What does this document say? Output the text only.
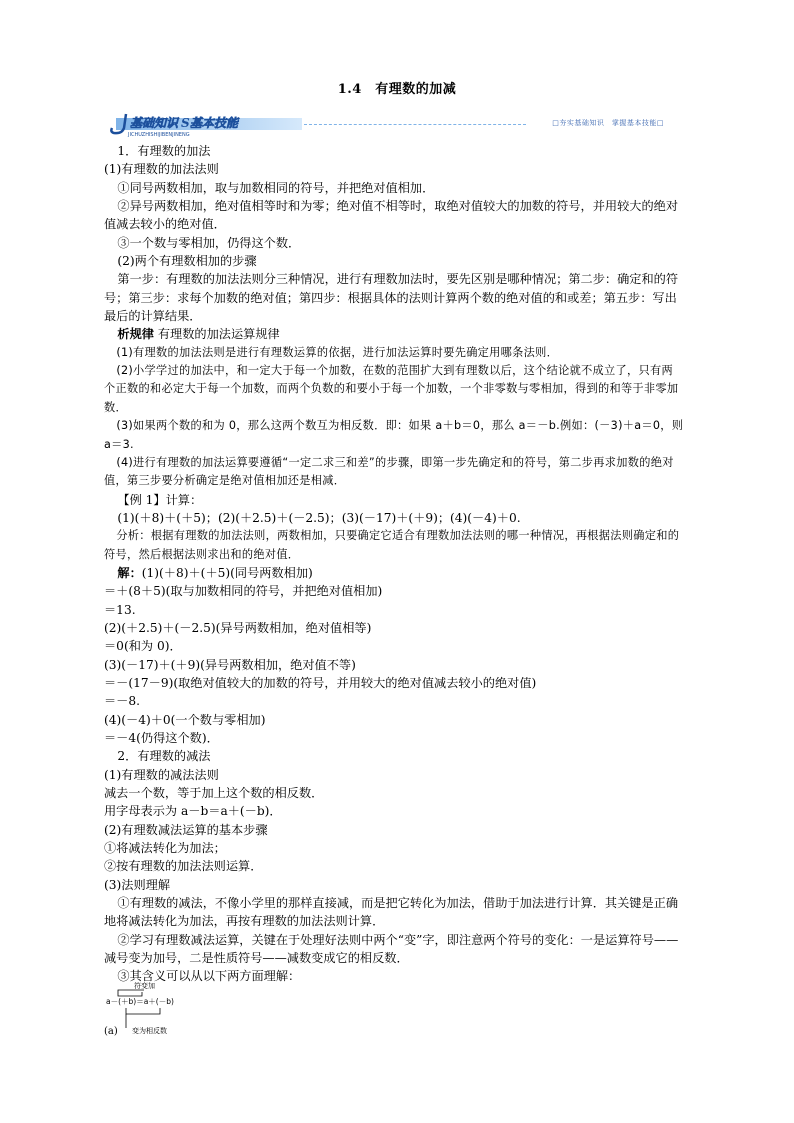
1.4　有理数的加减
基础知识 S 基本技能
JICHUZHISHIJIBENJINENG
□夯实基础知识　掌握基本技能□

1．有理数的加法

(1)有理数的加法法则

①同号两数相加，取与加数相同的符号，并把绝对值相加．

②异号两数相加，绝对值相等时和为零；绝对值不相等时，取绝对值较大的加数的符号，并用较大的绝对值减去较小的绝对值．

③一个数与零相加，仍得这个数．

(2)两个有理数相加的步骤

第一步：有理数的加法法则分三种情况，进行有理数加法时，要先区别是哪种情况；第二步：确定和的符号；第三步：求每个加数的绝对值；第四步：根据具体的法则计算两个数的绝对值的和或差；第五步：写出最后的计算结果．

析规律 有理数的加法运算规律

(1)有理数的加法法则是进行有理数运算的依据，进行加法运算时要先确定用哪条法则．

(2)小学学过的加法中，和一定大于每一个加数，在数的范围扩大到有理数以后，这个结论就不成立了，只有两个正数的和必定大于每一个加数，而两个负数的和要小于每一个加数，一个非零数与零相加，得到的和等于非零加数．

(3)如果两个数的和为 0，那么这两个数互为相反数．即：如果 a＋b＝0，那么 a＝－b.例如：(－3)＋a＝0，则 a＝3.

(4)进行有理数的加法运算要遵循“一定二求三和差”的步骤，即第一步先确定和的符号，第二步再求加数的绝对值，第三步要分析确定是绝对值相加还是相减．

【例 1】计算：

(1)(＋8)＋(＋5)；(2)(＋2.5)＋(－2.5)；(3)(－17)＋(＋9)；(4)(－4)＋0.

分析：根据有理数的加法法则，两数相加，只要确定它适合有理数加法法则的哪一种情况，再根据法则确定和的符号，然后根据法则求出和的绝对值．

解：(1)(＋8)＋(＋5)(同号两数相加)

＝＋(8＋5)(取与加数相同的符号，并把绝对值相加)

＝13.

(2)(＋2.5)＋(－2.5)(异号两数相加，绝对值相等)

＝0(和为 0)．

(3)(－17)＋(＋9)(异号两数相加，绝对值不等)

＝－(17－9)(取绝对值较大的加数的符号，并用较大的绝对值减去较小的绝对值)

＝－8.

(4)(－4)＋0(一个数与零相加)

＝－4(仍得这个数)．

2．有理数的减法

(1)有理数的减法法则

减去一个数，等于加上这个数的相反数．

用字母表示为 a－b＝a＋(－b)．

(2)有理数减法运算的基本步骤

①将减法转化为加法；

②按有理数的加法法则运算．

(3)法则理解

①有理数的减法，不像小学里的那样直接减，而是把它转化为加法，借助于加法进行计算．其关键是正确地将减法转化为加法，再按有理数的加法法则计算．

②学习有理数减法运算，关键在于处理好法则中两个“变”字，即注意两个符号的变化：一是运算符号——减号变为加号，二是性质符号——减数变成它的相反数．

③其含义可以从以下两方面理解：

符变加
a－(＋b)＝a＋(－b)
变为相反数
(a)
